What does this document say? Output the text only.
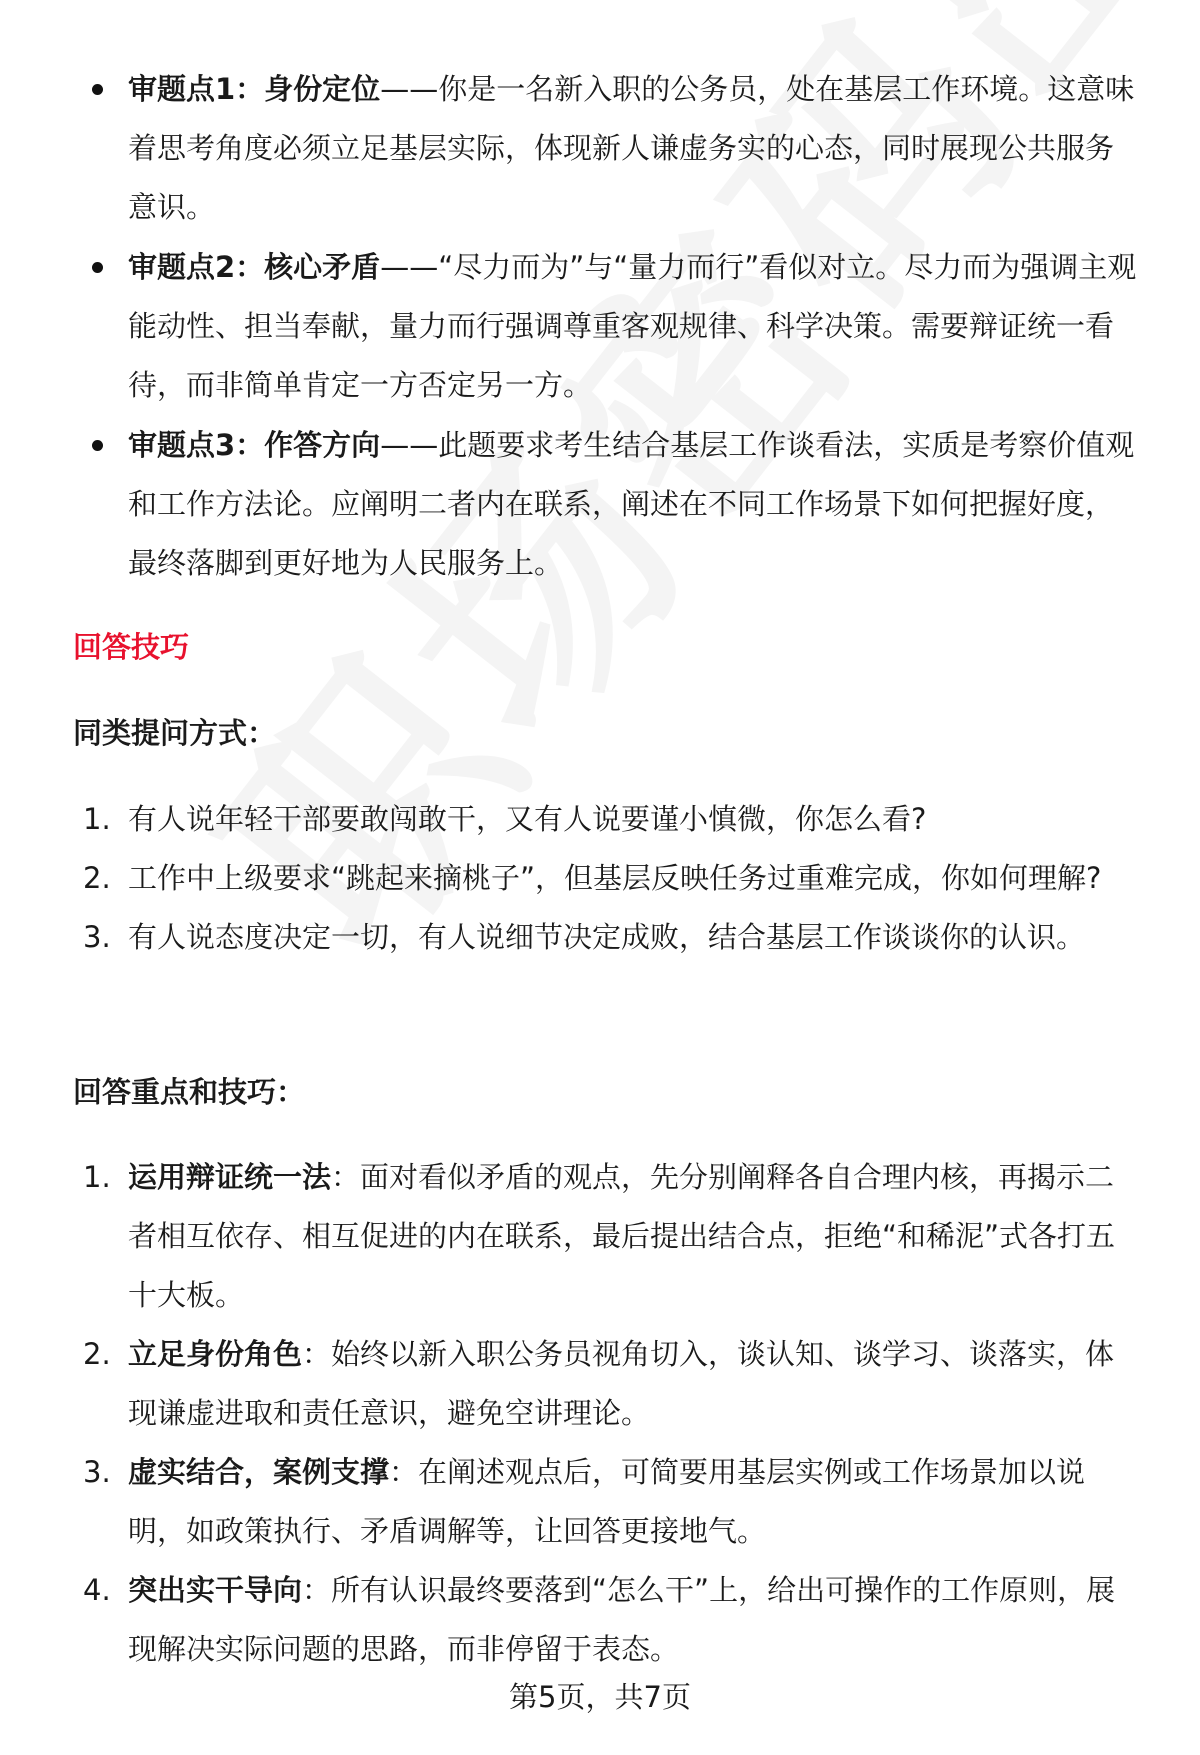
审题点1：身份定位——你是一名新入职的公务员，处在基层工作环境。这意味着思考角度必须立足基层实际，体现新人谦虚务实的心态，同时展现公共服务意识。
审题点2：核心矛盾——“尽力而为”与“量力而行”看似对立。尽力而为强调主观能动性、担当奉献，量力而行强调尊重客观规律、科学决策。需要辩证统一看待，而非简单肯定一方否定另一方。
审题点3：作答方向——此题要求考生结合基层工作谈看法，实质是考察价值观和工作方法论。应阐明二者内在联系，阐述在不同工作场景下如何把握好度，最终落脚到更好地为人民服务上。
回答技巧
同类提问方式：
1. 有人说年轻干部要敢闯敢干，又有人说要谨小慎微，你怎么看?
2. 工作中上级要求“跳起来摘桃子”，但基层反映任务过重难完成，你如何理解?
3. 有人说态度决定一切，有人说细节决定成败，结合基层工作谈谈你的认识。
回答重点和技巧：
1. 运用辩证统一法：面对看似矛盾的观点，先分别阐释各自合理内核，再揭示二者相互依存、相互促进的内在联系，最后提出结合点，拒绝“和稀泥”式各打五十大板。
2. 立足身份角色：始终以新入职公务员视角切入，谈认知、谈学习、谈落实，体现谦虚进取和责任意识，避免空讲理论。
3. 虚实结合，案例支撑：在阐述观点后，可简要用基层实例或工作场景加以说明，如政策执行、矛盾调解等，让回答更接地气。
4. 突出实干导向：所有认识最终要落到“怎么干”上，给出可操作的工作原则，展现解决实际问题的思路，而非停留于表态。
第5页，共7页
